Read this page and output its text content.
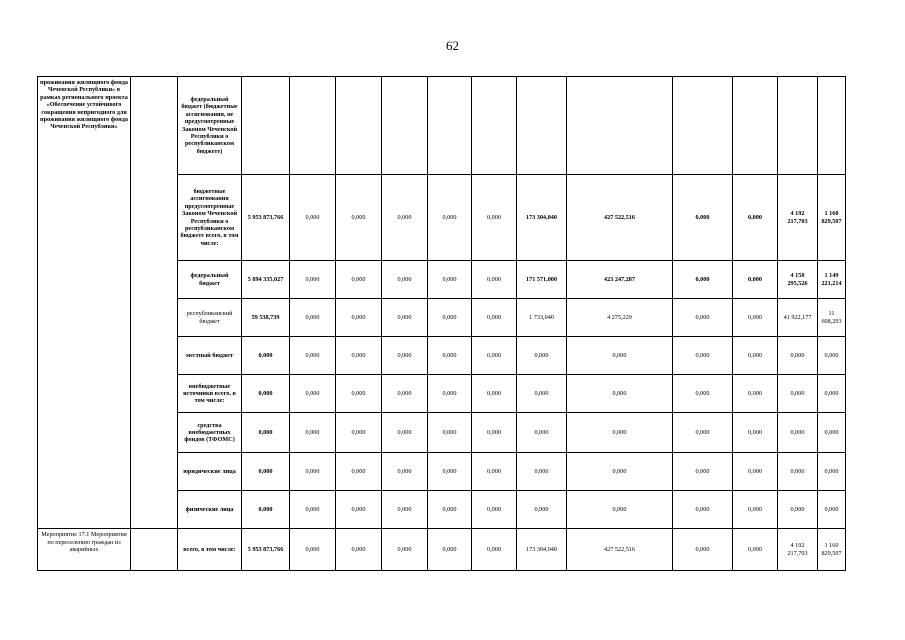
62
проживания жилищного фонда Чеченской Республики» в рамках регионального проекта «Обеспечение устойчивого сокращения непригодного для проживания жилищного фонда Чеченской Республики»		федеральный бюджет (бюджетные ассигнования, не предусмотренные Законом Чеченской Республики о республиканском бюджете)													
		бюджетные ассигнования предусмотренные Законом Чеченской Республики о республиканском бюджете всего, в том числе:	5 953 873,766	0,000	0,000	0,000	0,000	0,000	173 304,040	427 522,516	0,000	0,000	4 192 217,703	1 160 829,507	
		федеральный бюджет	5 894 335,027	0,000	0,000	0,000	0,000	0,000	171 571,000	423 247,287	0,000	0,000	4 150 295,526	1 149 221,214	
		республиканский бюджет	59 538,739	0,000	0,000	0,000	0,000	0,000	1 733,040	4 275,229	0,000	0,000	41 922,177	11 608,293	
		местный бюджет	0,000	0,000	0,000	0,000	0,000	0,000	0,000	0,000	0,000	0,000	0,000	0,000	
		внебюджетные источники всего, в том числе:	0,000	0,000	0,000	0,000	0,000	0,000	0,000	0,000	0,000	0,000	0,000	0,000	
		средства внебюджетных фондов (ТФОМС)	0,000	0,000	0,000	0,000	0,000	0,000	0,000	0,000	0,000	0,000	0,000	0,000	
		юридические лица	0,000	0,000	0,000	0,000	0,000	0,000	0,000	0,000	0,000	0,000	0,000	0,000	
		физические лица	0,000	0,000	0,000	0,000	0,000	0,000	0,000	0,000	0,000	0,000	0,000	0,000	
Мероприятие 17.1 Мероприятия по переселению граждан из аварийных		всего, в том числе:	5 953 873,766	0,000	0,000	0,000	0,000	0,000	173 304,040	427 522,516	0,000	0,000	4 192 217,703	1 160 829,507	
